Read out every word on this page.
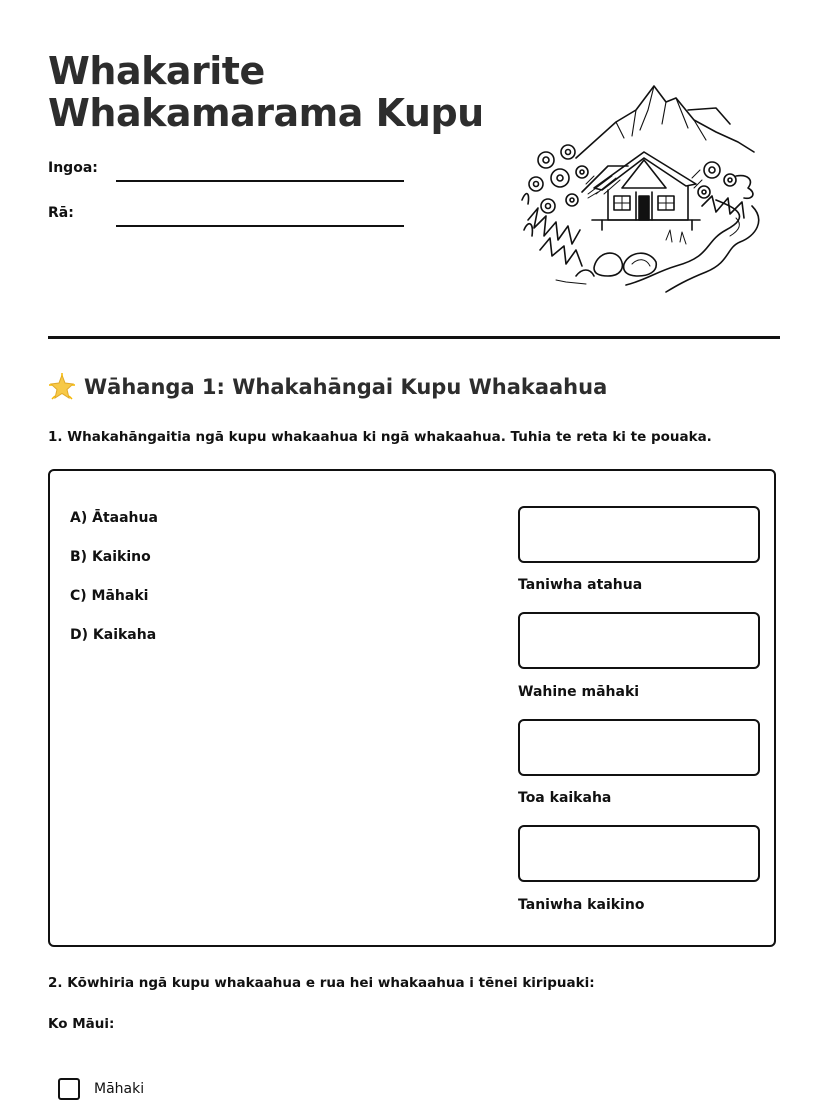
Whakarite
Whakamarama Kupu
Ingoa:
Rā:
Wāhanga 1: Whakahāngai Kupu Whakaahua
1. Whakahāngaitia ngā kupu whakaahua ki ngā whakaahua. Tuhia te reta ki te pouaka.
A) Ātaahua
B) Kaikino
C) Māhaki
D) Kaikaha
Taniwha atahua
Wahine māhaki
Toa kaikaha
Taniwha kaikino
2. Kōwhiria ngā kupu whakaahua e rua hei whakaahua i tēnei kiripuaki:
Ko Māui:
Māhaki
